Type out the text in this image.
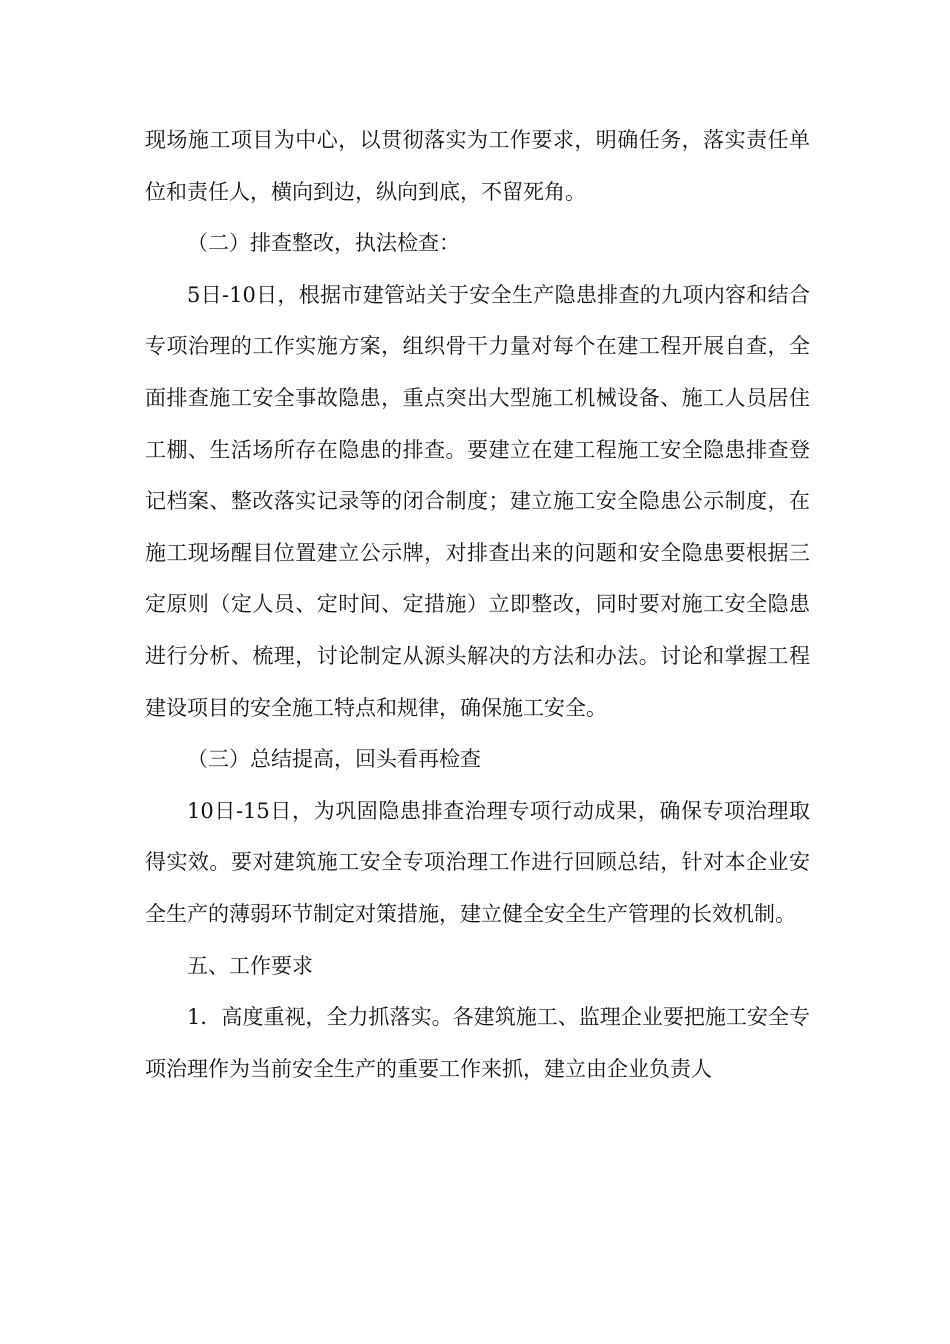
现场施工项目为中心，以贯彻落实为工作要求，明确任务，落实责任单位和责任人，横向到边，纵向到底，不留死角。

（二）排查整改，执法检查：

5日-10日，根据市建管站关于安全生产隐患排查的九项内容和结合专项治理的工作实施方案，组织骨干力量对每个在建工程开展自查，全面排查施工安全事故隐患，重点突出大型施工机械设备、施工人员居住工棚、生活场所存在隐患的排查。要建立在建工程施工安全隐患排查登记档案、整改落实记录等的闭合制度；建立施工安全隐患公示制度，在施工现场醒目位置建立公示牌，对排查出来的问题和安全隐患要根据三定原则（定人员、定时间、定措施）立即整改，同时要对施工安全隐患进行分析、梳理，讨论制定从源头解决的方法和办法。讨论和掌握工程建设项目的安全施工特点和规律，确保施工安全。

（三）总结提高，回头看再检查

10日-15日，为巩固隐患排查治理专项行动成果，确保专项治理取得实效。要对建筑施工安全专项治理工作进行回顾总结，针对本企业安全生产的薄弱环节制定对策措施，建立健全安全生产管理的长效机制。

五、工作要求

1．高度重视，全力抓落实。各建筑施工、监理企业要把施工安全专项治理作为当前安全生产的重要工作来抓，建立由企业负责人
